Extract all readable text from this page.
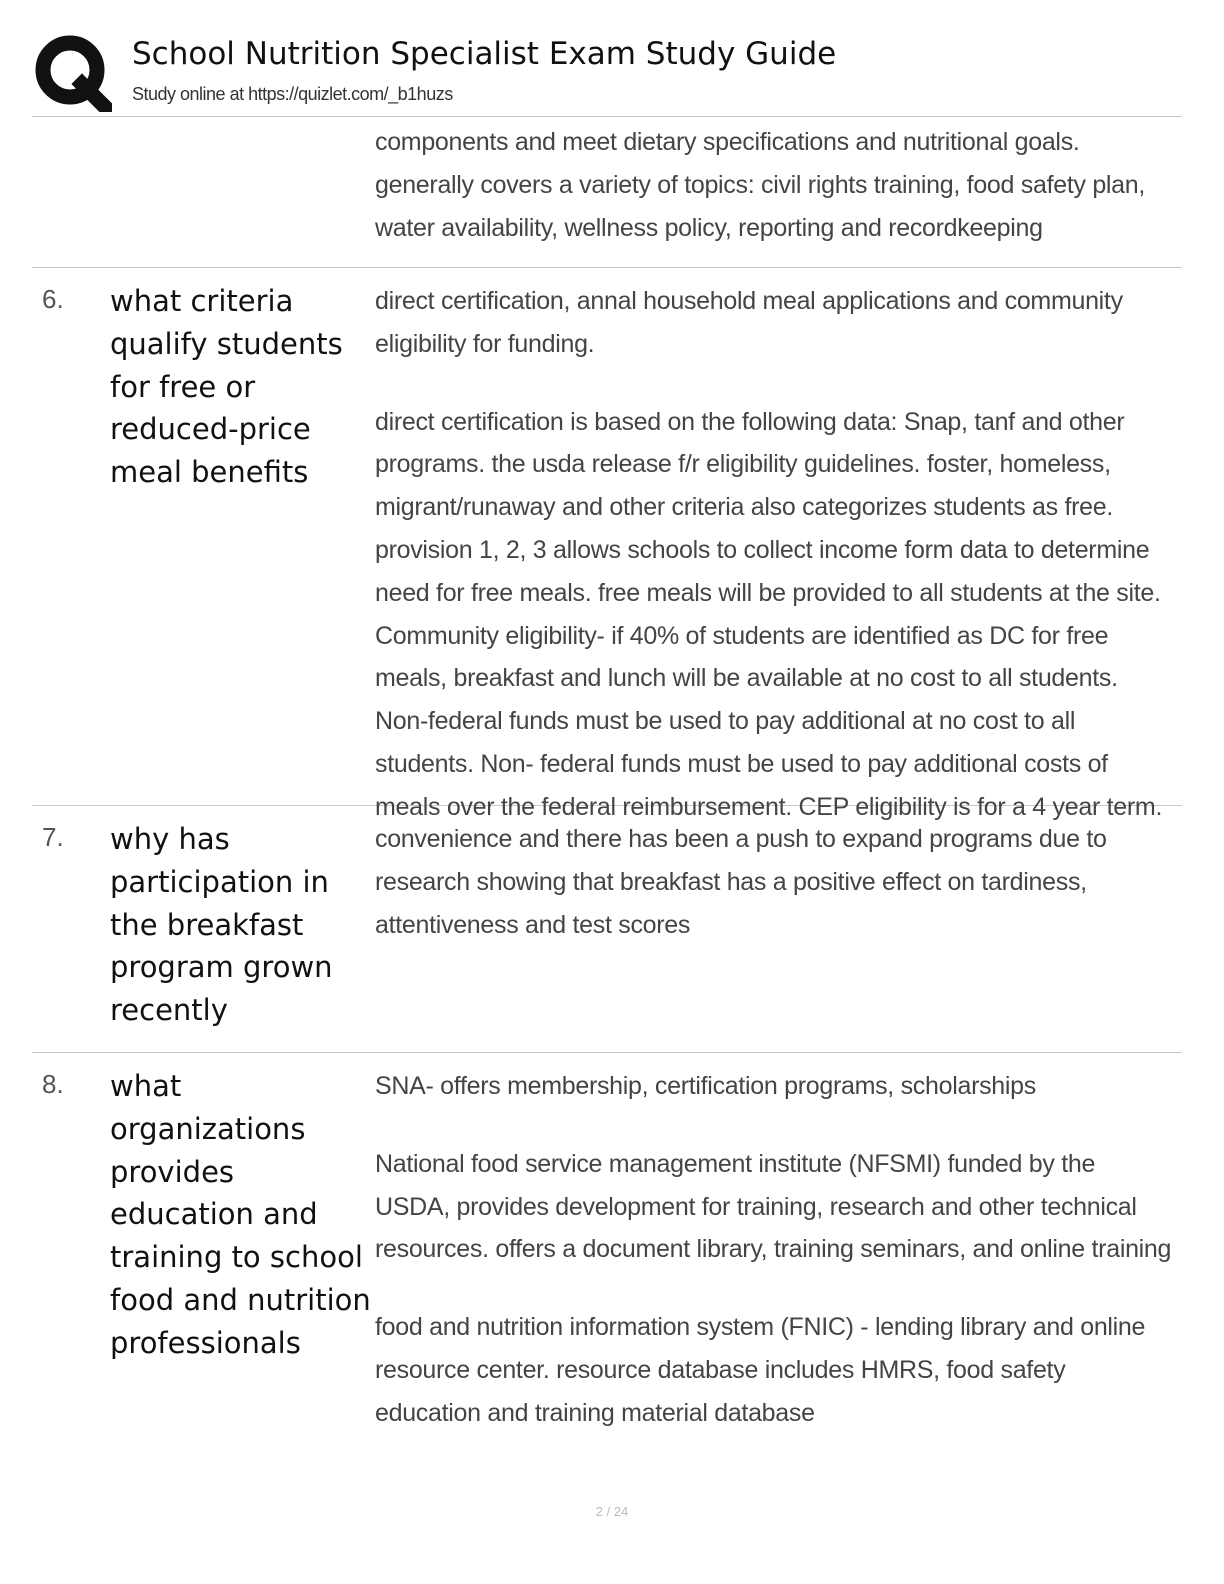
School Nutrition Specialist Exam Study Guide
Study online at https://quizlet.com/_b1huzs

components and meet dietary specifications and nutritional goals. generally covers a variety of topics: civil rights training, food safety plan, water availability, wellness policy, reporting and recordkeeping

6. what criteria qualify students for free or reduced-price meal benefits

direct certification, annal household meal applications and community eligibility for funding.

direct certification is based on the following data: Snap, tanf and other programs. the usda release f/r eligibility guidelines. foster, homeless, migrant/runaway and other criteria also categorizes students as free. provision 1, 2, 3 allows schools to collect income form data to determine need for free meals. free meals will be provided to all students at the site. Community eligibility- if 40% of students are identified as DC for free meals, breakfast and lunch will be available at no cost to all students. Non-federal funds must be used to pay additional at no cost to all students. Non- federal funds must be used to pay additional costs of meals over the federal reimbursement. CEP eligibility is for a 4 year term.

7. why has participation in the breakfast program grown recently

convenience and there has been a push to expand programs due to research showing that breakfast has a positive effect on tardiness, attentiveness and test scores

8. what organizations provides education and training to school food and nutrition professionals

SNA- offers membership, certification programs, scholarships

National food service management institute (NFSMI) funded by the USDA, provides development for training, research and other technical resources. offers a document library, training seminars, and online training

food and nutrition information system (FNIC) - lending library and online resource center. resource database includes HMRS, food safety education and training material database

2 / 24
